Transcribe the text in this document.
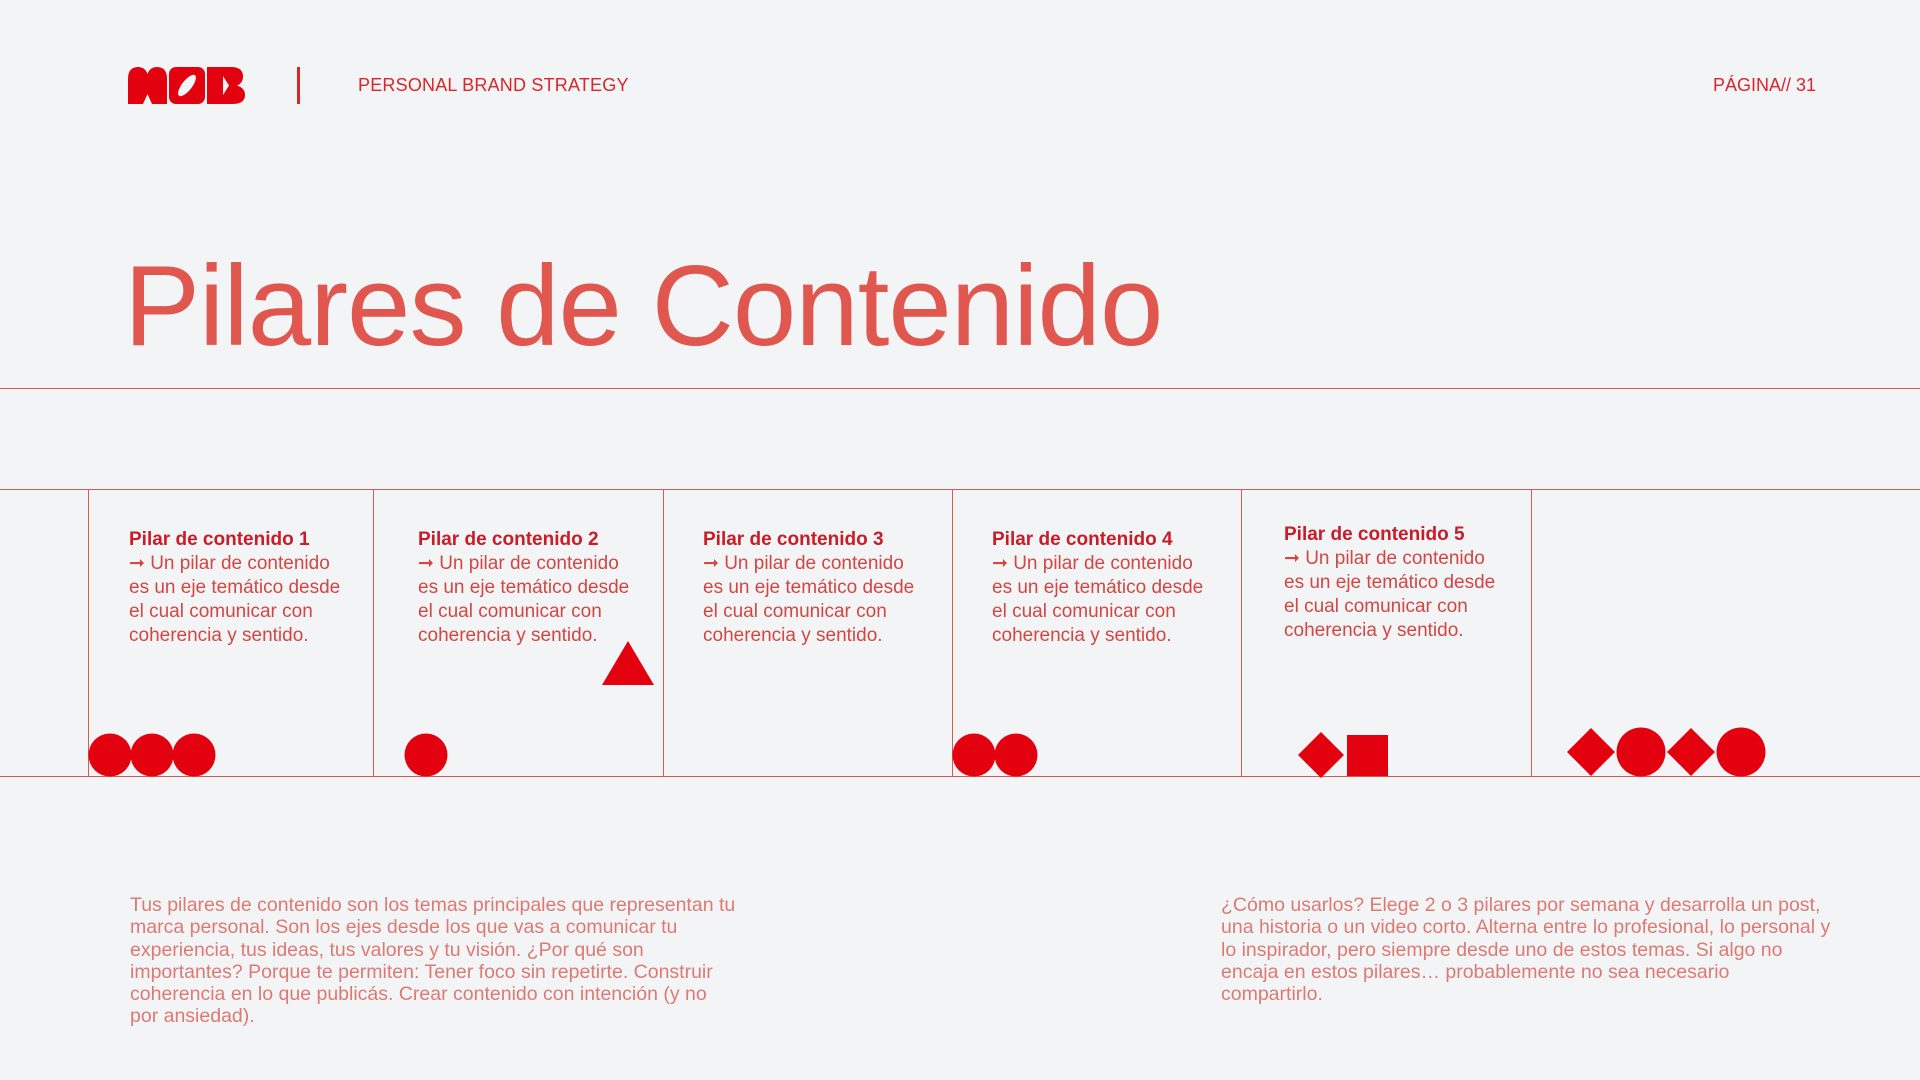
PERSONAL BRAND STRATEGY	PÁGINA// 31
Pilares de Contenido
Pilar de contenido 1
➞ Un pilar de contenido es un eje temático desde el cual comunicar con coherencia y sentido.
Pilar de contenido 2
➞ Un pilar de contenido es un eje temático desde el cual comunicar con coherencia y sentido.
Pilar de contenido 3
➞ Un pilar de contenido es un eje temático desde el cual comunicar con coherencia y sentido.
Pilar de contenido 4
➞ Un pilar de contenido es un eje temático desde el cual comunicar con coherencia y sentido.
Pilar de contenido 5
➞ Un pilar de contenido es un eje temático desde el cual comunicar con coherencia y sentido.

Tus pilares de contenido son los temas principales que representan tu marca personal. Son los ejes desde los que vas a comunicar tu experiencia, tus ideas, tus valores y tu visión. ¿Por qué son importantes? Porque te permiten: Tener foco sin repetirte. Construir coherencia en lo que publicás. Crear contenido con intención (y no por ansiedad).

¿Cómo usarlos? Elege 2 o 3 pilares por semana y desarrolla un post, una historia o un video corto. Alterna entre lo profesional, lo personal y lo inspirador, pero siempre desde uno de estos temas. Si algo no encaja en estos pilares… probablemente no sea necesario compartirlo.
